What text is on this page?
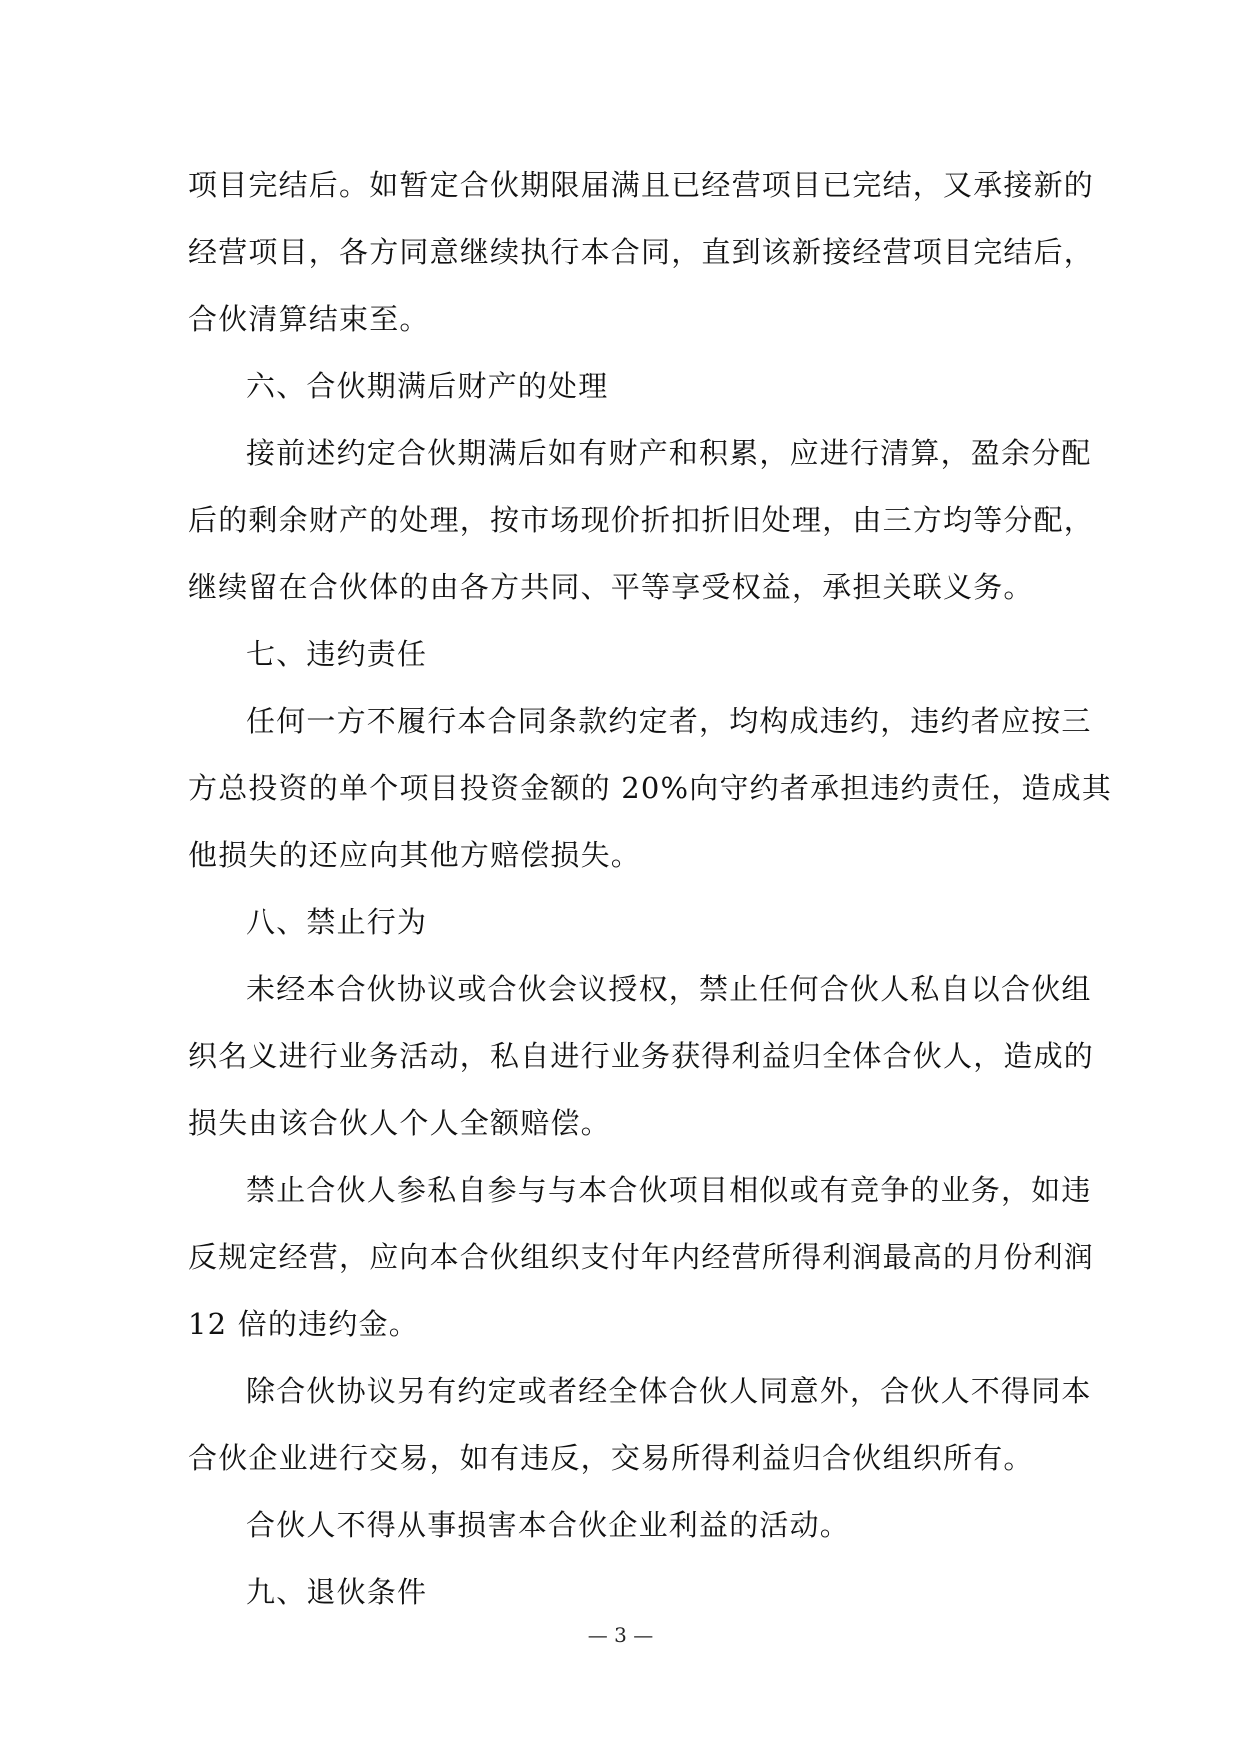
项目完结后。如暂定合伙期限届满且已经营项目已完结，又承接新的
经营项目，各方同意继续执行本合同，直到该新接经营项目完结后，
合伙清算结束至。
六、合伙期满后财产的处理
接前述约定合伙期满后如有财产和积累，应进行清算，盈余分配
后的剩余财产的处理，按市场现价折扣折旧处理，由三方均等分配，
继续留在合伙体的由各方共同、平等享受权益，承担关联义务。
七、违约责任
任何一方不履行本合同条款约定者，均构成违约，违约者应按三
方总投资的单个项目投资金额的 20%向守约者承担违约责任，造成其
他损失的还应向其他方赔偿损失。
八、禁止行为
未经本合伙协议或合伙会议授权，禁止任何合伙人私自以合伙组
织名义进行业务活动，私自进行业务获得利益归全体合伙人，造成的
损失由该合伙人个人全额赔偿。
禁止合伙人参私自参与与本合伙项目相似或有竞争的业务，如违
反规定经营，应向本合伙组织支付年内经营所得利润最高的月份利润
12 倍的违约金。
除合伙协议另有约定或者经全体合伙人同意外，合伙人不得同本
合伙企业进行交易，如有违反，交易所得利益归合伙组织所有。
合伙人不得从事损害本合伙企业利益的活动。
九、退伙条件
— 3 —
